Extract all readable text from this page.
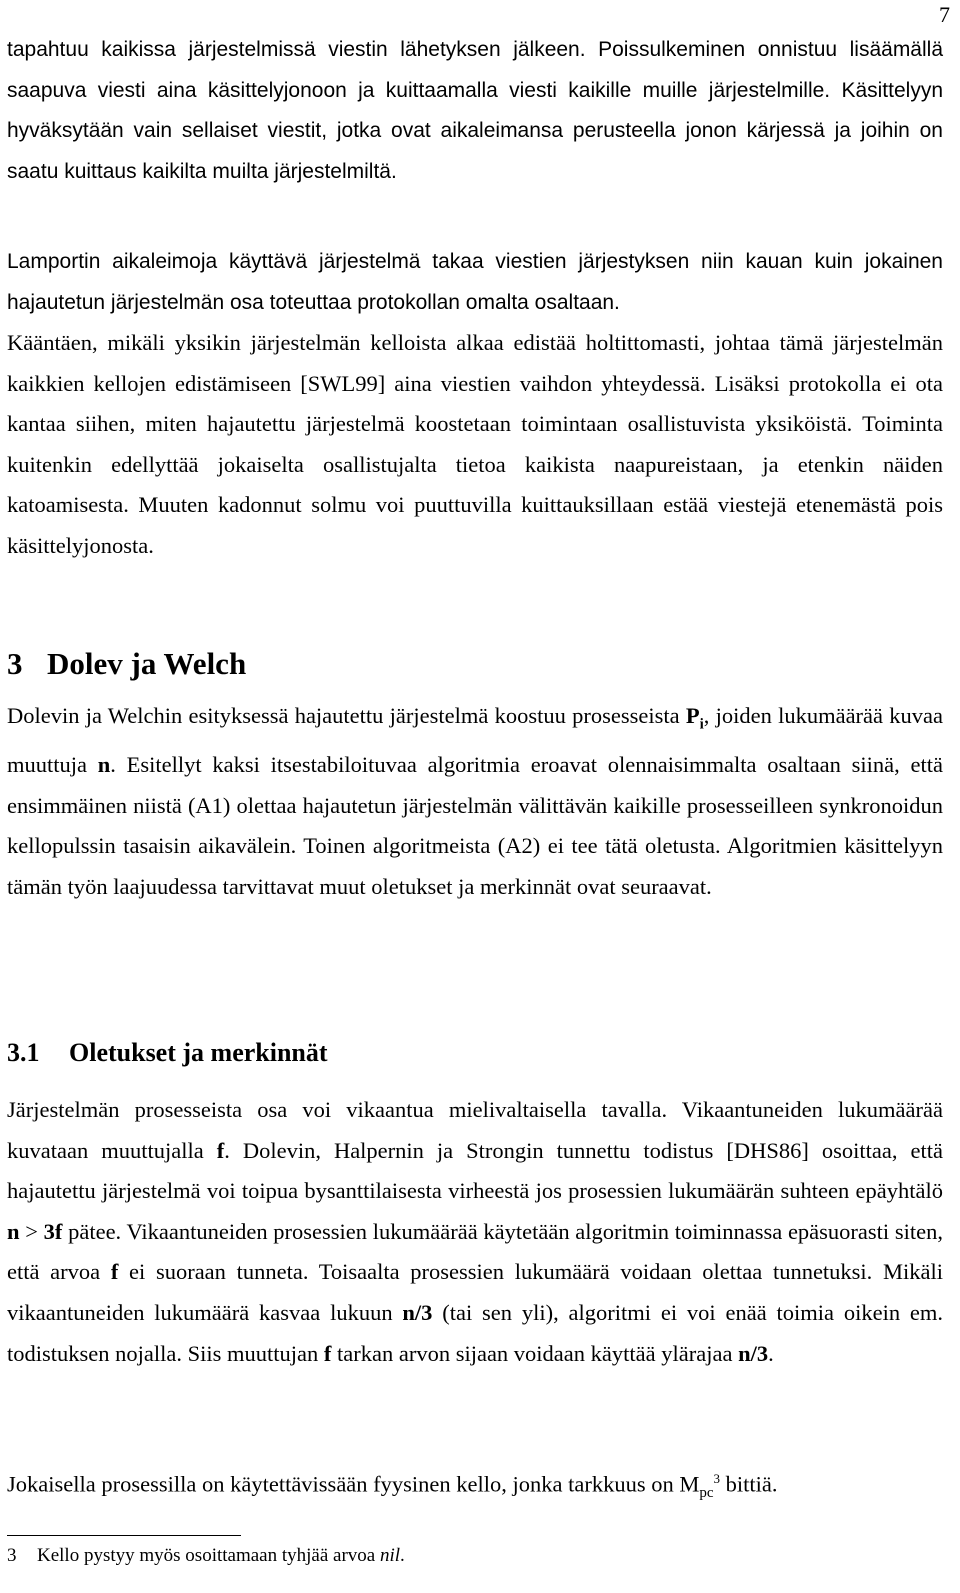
7

tapahtuu kaikissa järjestelmissä viestin lähetyksen jälkeen. Poissulkeminen onnistuu lisäämällä saapuva viesti aina käsittelyjonoon ja kuittaamalla viesti kaikille muille järjestelmille. Käsittelyyn hyväksytään vain sellaiset viestit, jotka ovat aikaleimansa perusteella jonon kärjessä ja joihin on saatu kuittaus kaikilta muilta järjestelmiltä.

Lamportin aikaleimoja käyttävä järjestelmä takaa viestien järjestyksen niin kauan kuin jokainen hajautetun järjestelmän osa toteuttaa protokollan omalta osaltaan.

Kääntäen, mikäli yksikin järjestelmän kelloista alkaa edistää holtittomasti, johtaa tämä järjestelmän kaikkien kellojen edistämiseen [SWL99] aina viestien vaihdon yhteydessä. Lisäksi protokolla ei ota kantaa siihen, miten hajautettu järjestelmä koostetaan toimintaan osallistuvista yksiköistä. Toiminta kuitenkin edellyttää jokaiselta osallistujalta tietoa kaikista naapureistaan, ja etenkin näiden katoamisesta. Muuten kadonnut solmu voi puuttuvilla kuittauksillaan estää viestejä etenemästä pois käsittelyjonosta.

3 Dolev ja Welch

Dolevin ja Welchin esityksessä hajautettu järjestelmä koostuu prosesseista $P_i$, joiden lukumäärää kuvaa muuttuja n. Esitellyt kaksi itsestabiloituvaa algoritmia eroavat olennaisimmalta osaltaan siinä, että ensimmäinen niistä (A1) olettaa hajautetun järjestelmän välittävän kaikille prosesseilleen synkronoidun kellopulssin tasaisin aikavälein. Toinen algoritmeista (A2) ei tee tätä oletusta. Algoritmien käsittelyyn tämän työn laajuudessa tarvittavat muut oletukset ja merkinnät ovat seuraavat.

3.1 Oletukset ja merkinnät

Järjestelmän prosesseista osa voi vikaantua mielivaltaisella tavalla. Vikaantuneiden lukumäärää kuvataan muuttujalla f. Dolevin, Halpernin ja Strongin tunnettu todistus [DHS86] osoittaa, että hajautettu järjestelmä voi toipua bysanttilaisesta virheestä jos prosessien lukumäärän suhteen epäyhtälö n > 3f pätee. Vikaantuneiden prosessien lukumäärää käytetään algoritmin toiminnassa epäsuorasti siten, että arvoa f ei suoraan tunneta. Toisaalta prosessien lukumäärä voidaan olettaa tunnetuksi. Mikäli vikaantuneiden lukumäärä kasvaa lukuun n/3 (tai sen yli), algoritmi ei voi enää toimia oikein em. todistuksen nojalla. Siis muuttujan f tarkan arvon sijaan voidaan käyttää ylärajaa n/3.

Jokaisella prosessilla on käytettävissään fyysinen kello, jonka tarkkuus on $M_{pc}^3$ bittiä.

3 Kello pystyy myös osoittamaan tyhjää arvoa nil.
